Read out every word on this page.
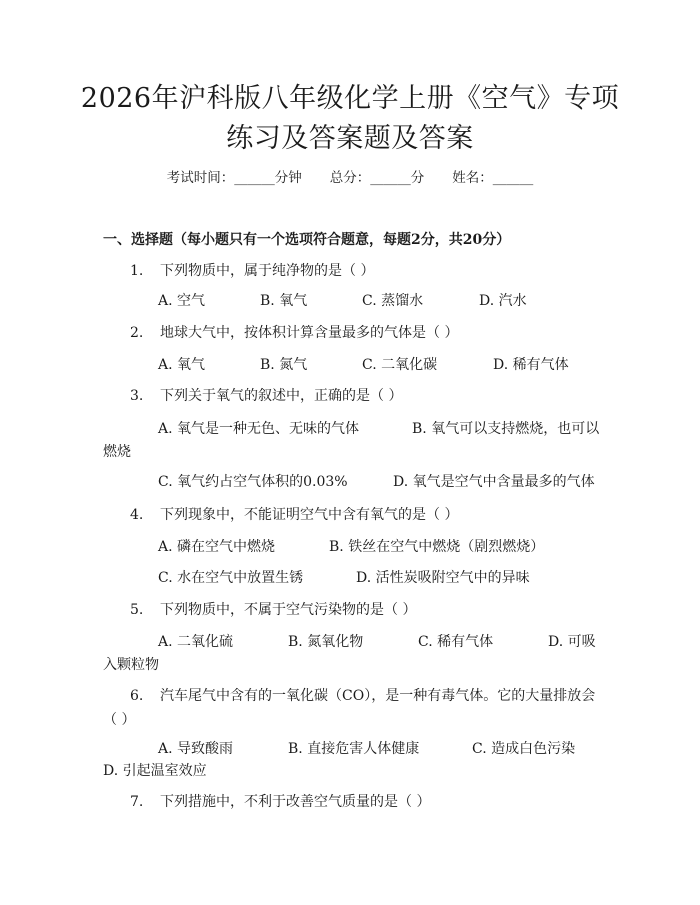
2026年沪科版八年级化学上册《空气》专项
练习及答案题及答案
考试时间：______分钟 总分：______分 姓名：______
一、选择题（每小题只有一个选项符合题意，每题2分，共20分）
1. 下列物质中，属于纯净物的是（ ）
A. 空气	B. 氧气	C. 蒸馏水	D. 汽水
2. 地球大气中，按体积计算含量最多的气体是（ ）
A. 氧气	B. 氮气	C. 二氧化碳	D. 稀有气体
3. 下列关于氧气的叙述中，正确的是（ ）
A. 氧气是一种无色、无味的气体	B. 氧气可以支持燃烧，也可以
燃烧
C. 氧气约占空气体积的0.03%	D. 氧气是空气中含量最多的气体
4. 下列现象中，不能证明空气中含有氧气的是（ ）
A. 磷在空气中燃烧	B. 铁丝在空气中燃烧（剧烈燃烧）
C. 水在空气中放置生锈	D. 活性炭吸附空气中的异味
5. 下列物质中，不属于空气污染物的是（ ）
A. 二氧化硫	B. 氮氧化物	C. 稀有气体	D. 可吸
入颗粒物
6. 汽车尾气中含有的一氧化碳（CO），是一种有毒气体。它的大量排放会
（ ）
A. 导致酸雨	B. 直接危害人体健康	C. 造成白色污染
D. 引起温室效应
7. 下列措施中，不利于改善空气质量的是（ ）
